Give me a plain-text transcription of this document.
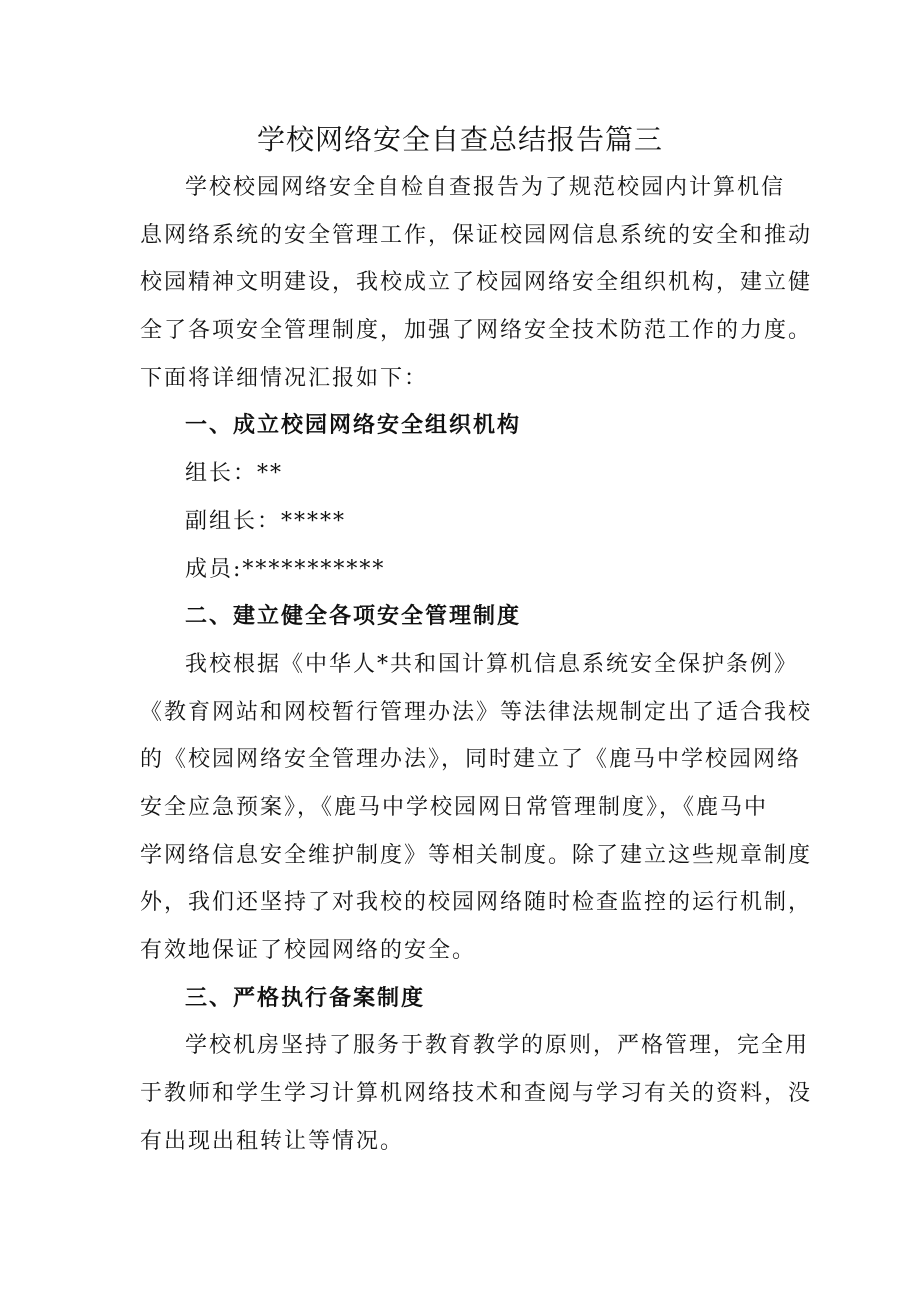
学校网络安全自查总结报告篇三
学校校园网络安全自检自查报告为了规范校园内计算机信
息网络系统的安全管理工作，保证校园网信息系统的安全和推动
校园精神文明建设，我校成立了校园网络安全组织机构，建立健
全了各项安全管理制度，加强了网络安全技术防范工作的力度。
下面将详细情况汇报如下：
一、成立校园网络安全组织机构
组长：**
副组长：*****
成员:***********
二、建立健全各项安全管理制度
我校根据《中华人*共和国计算机信息系统安全保护条例》
《教育网站和网校暂行管理办法》等法律法规制定出了适合我校
的《校园网络安全管理办法》，同时建立了《鹿马中学校园网络
安全应急预案》，《鹿马中学校园网日常管理制度》，《鹿马中
学网络信息安全维护制度》等相关制度。除了建立这些规章制度
外，我们还坚持了对我校的校园网络随时检查监控的运行机制，
有效地保证了校园网络的安全。
三、严格执行备案制度
学校机房坚持了服务于教育教学的原则，严格管理，完全用
于教师和学生学习计算机网络技术和查阅与学习有关的资料，没
有出现出租转让等情况。
